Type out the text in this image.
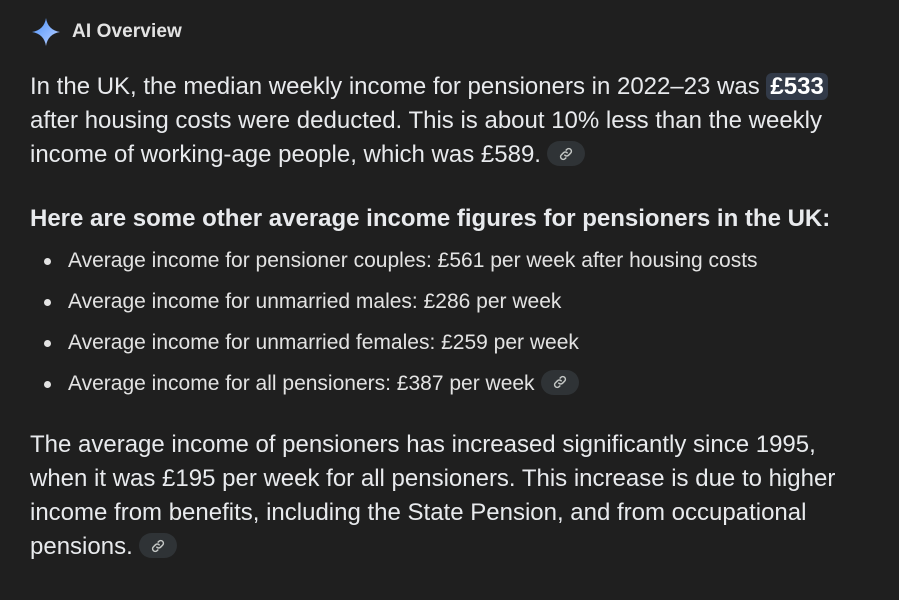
AI Overview

In the UK, the median weekly income for pensioners in 2022–23 was £533 after housing costs were deducted. This is about 10% less than the weekly income of working-age people, which was £589.

Here are some other average income figures for pensioners in the UK:
Average income for pensioner couples: £561 per week after housing costs
Average income for unmarried males: £286 per week
Average income for unmarried females: £259 per week
Average income for all pensioners: £387 per week

The average income of pensioners has increased significantly since 1995, when it was £195 per week for all pensioners. This increase is due to higher income from benefits, including the State Pension, and from occupational pensions.
